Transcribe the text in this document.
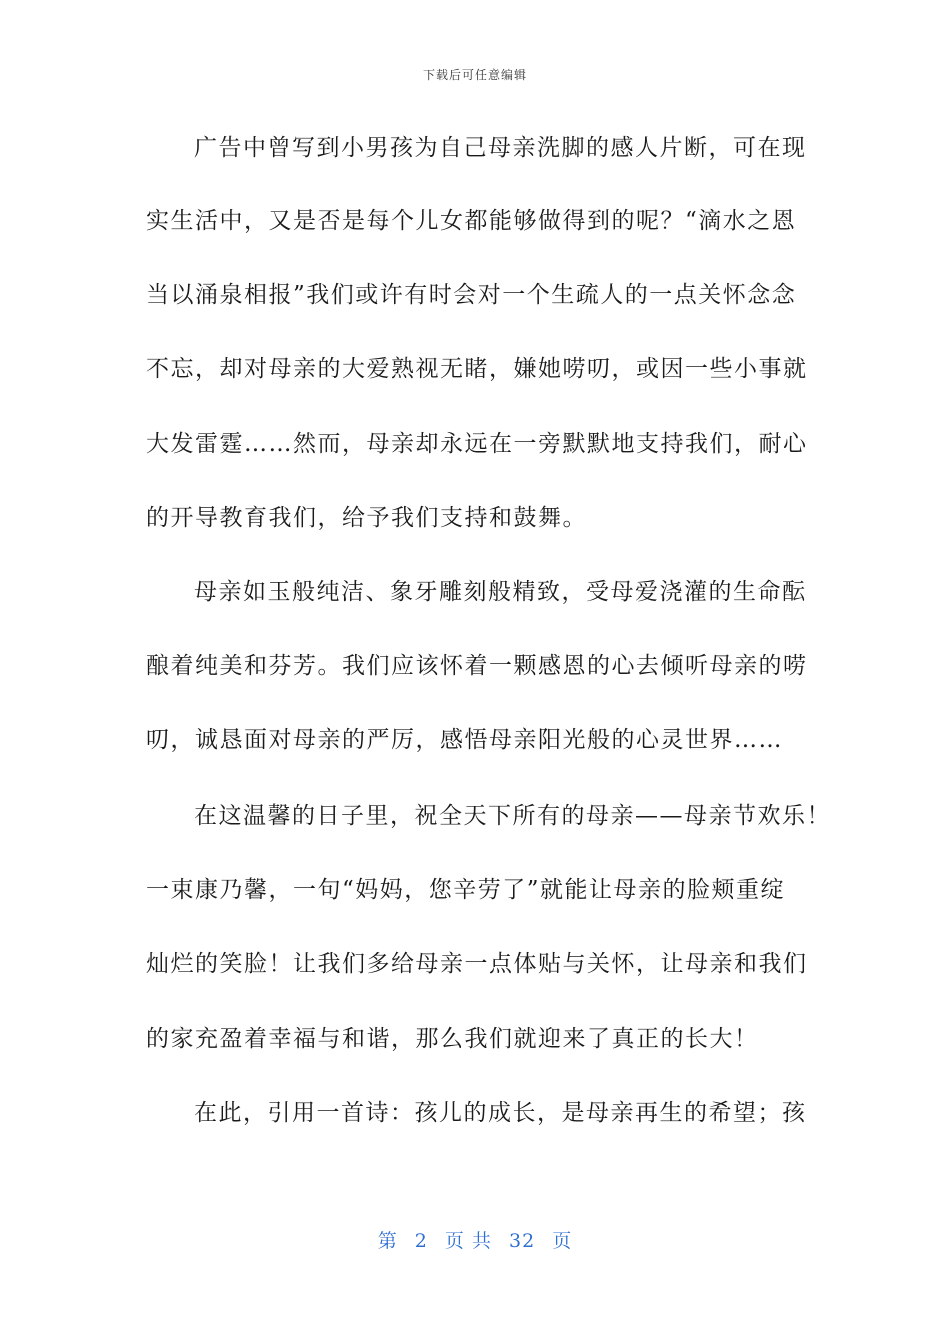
下载后可任意编辑
广告中曾写到小男孩为自己母亲洗脚的感人片断，可在现
实生活中，又是否是每个儿女都能够做得到的呢？“滴水之恩
当以涌泉相报”我们或许有时会对一个生疏人的一点关怀念念
不忘，却对母亲的大爱熟视无睹，嫌她唠叨，或因一些小事就
大发雷霆……然而，母亲却永远在一旁默默地支持我们，耐心
的开导教育我们，给予我们支持和鼓舞。
母亲如玉般纯洁、象牙雕刻般精致，受母爱浇灌的生命酝
酿着纯美和芬芳。我们应该怀着一颗感恩的心去倾听母亲的唠
叨，诚恳面对母亲的严厉，感悟母亲阳光般的心灵世界……
在这温馨的日子里，祝全天下所有的母亲——母亲节欢乐！
一束康乃馨，一句“妈妈，您辛劳了”就能让母亲的脸颊重绽
灿烂的笑脸！让我们多给母亲一点体贴与关怀，让母亲和我们
的家充盈着幸福与和谐，那么我们就迎来了真正的长大！
在此，引用一首诗：孩儿的成长，是母亲再生的希望；孩
第 2 页 共 32 页
